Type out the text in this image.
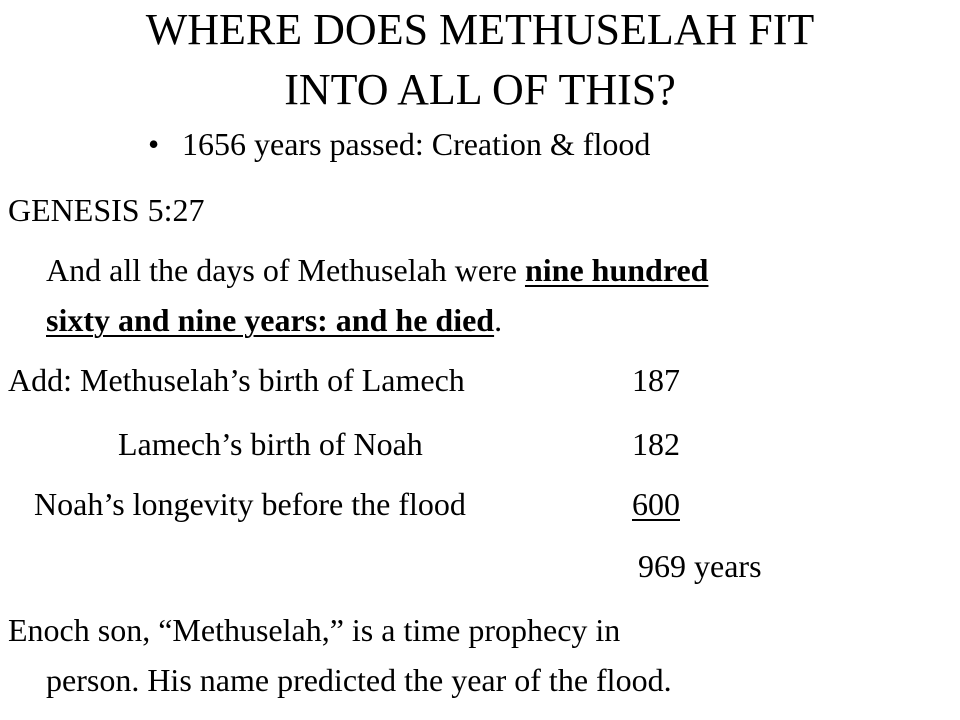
WHERE DOES METHUSELAH FIT
INTO ALL OF THIS?
• 1656 years passed: Creation & flood
GENESIS 5:27
And all the days of Methuselah were nine hundred
sixty and nine years: and he died.
Add: Methuselah’s birth of Lamech	187
Lamech’s birth of Noah	182
Noah’s longevity before the flood	600
969 years
Enoch son, “Methuselah,” is a time prophecy in
person. His name predicted the year of the flood.
